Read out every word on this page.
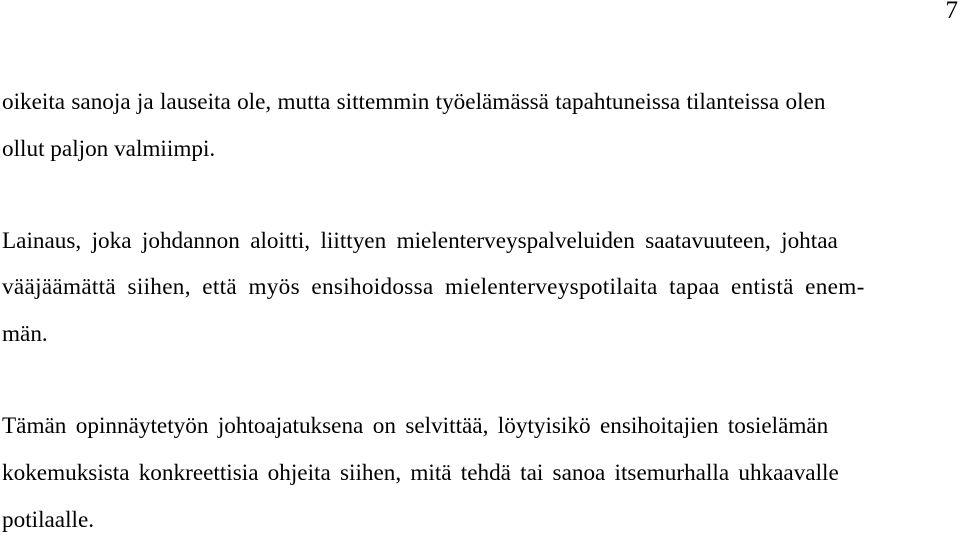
7
oikeita sanoja ja lauseita ole, mutta sittemmin työelämässä tapahtuneissa tilanteissa olen
ollut paljon valmiimpi.
Lainaus, joka johdannon aloitti, liittyen mielenterveyspalveluiden saatavuuteen, johtaa
vääjäämättä siihen, että myös ensihoidossa mielenterveyspotilaita tapaa entistä enem-
män.
Tämän opinnäytetyön johtoajatuksena on selvittää, löytyisikö ensihoitajien tosielämän
kokemuksista konkreettisia ohjeita siihen, mitä tehdä tai sanoa itsemurhalla uhkaavalle
potilaalle.
